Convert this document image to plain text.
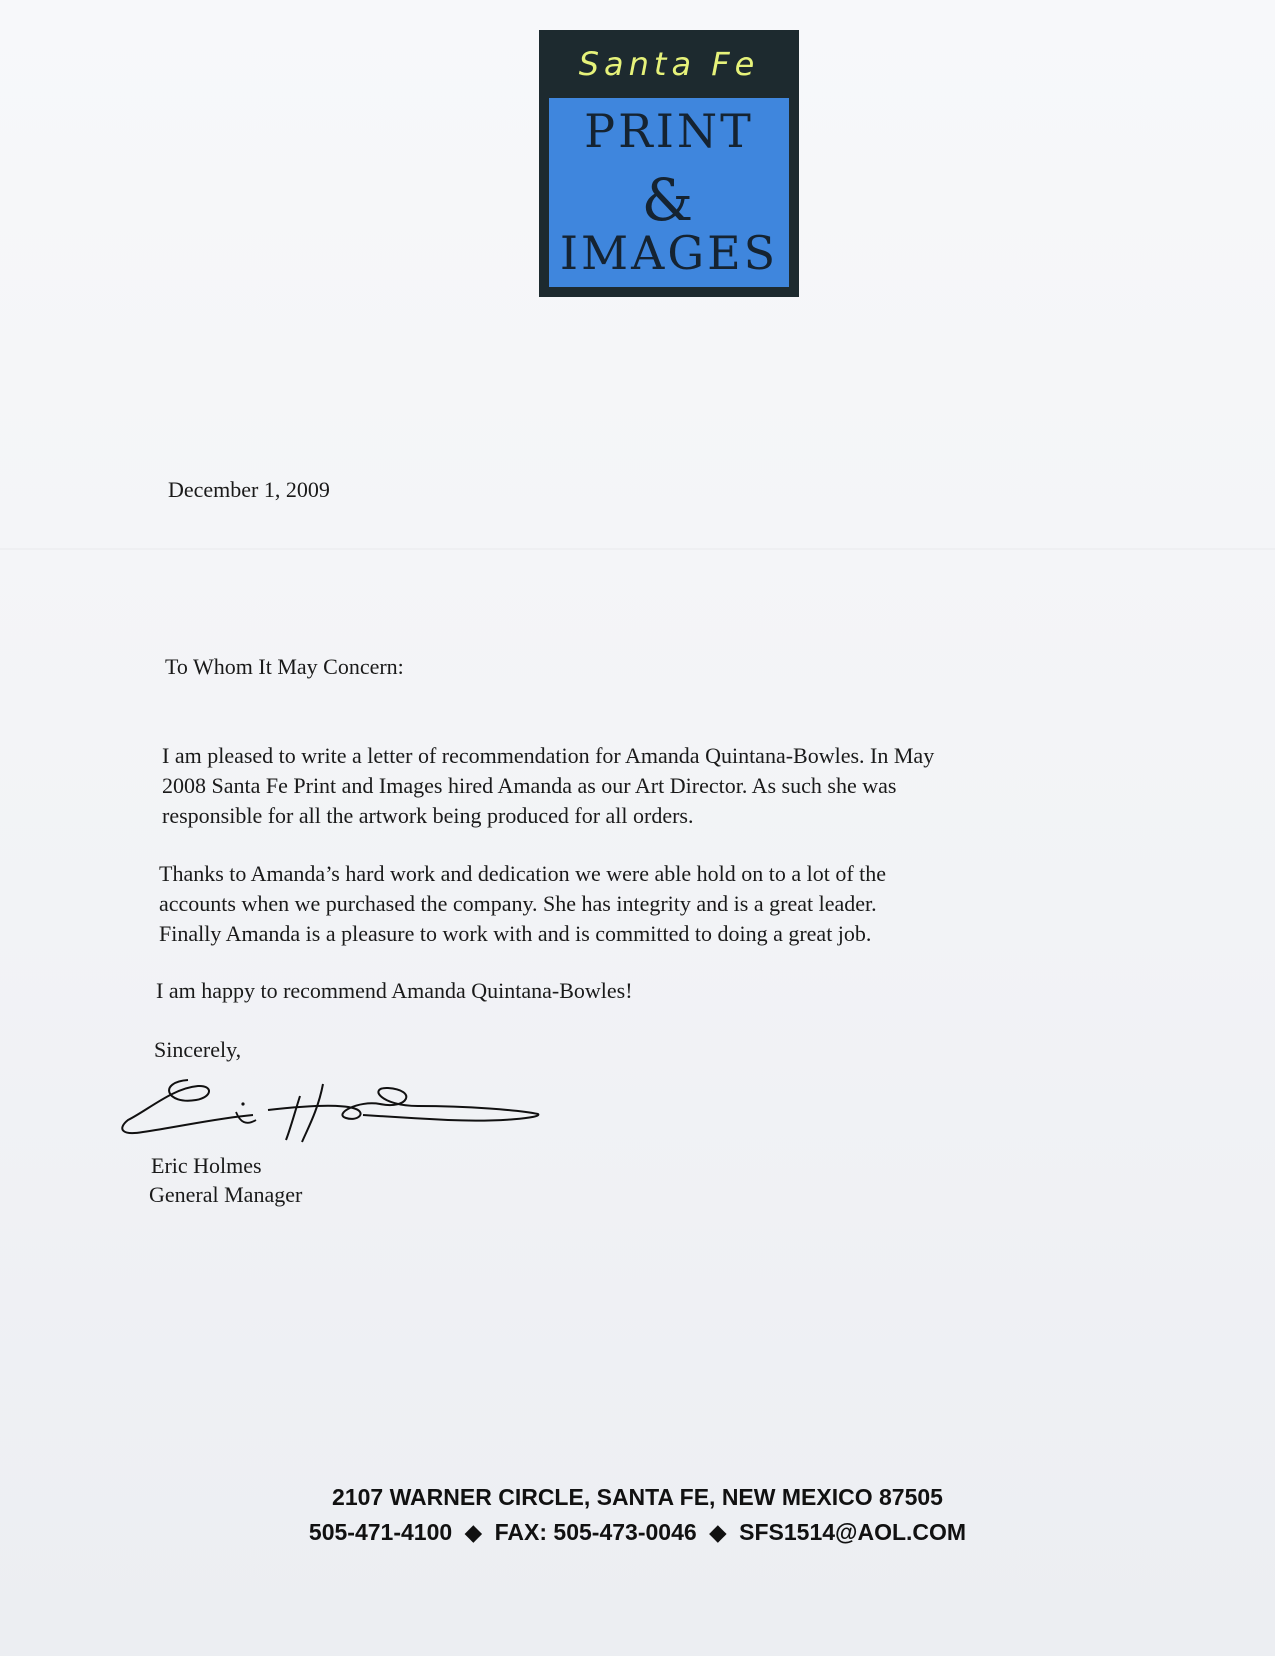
Santa Fe
PRINT
&
IMAGES
December 1, 2009
To Whom It May Concern:
I am pleased to write a letter of recommendation for Amanda Quintana-Bowles. In May
2008 Santa Fe Print and Images hired Amanda as our Art Director. As such she was
responsible for all the artwork being produced for all orders.
Thanks to Amanda’s hard work and dedication we were able hold on to a lot of the
accounts when we purchased the company. She has integrity and is a great leader.
Finally Amanda is a pleasure to work with and is committed to doing a great job.
I am happy to recommend Amanda Quintana-Bowles!
Sincerely,
Eric Holmes
General Manager
2107 WARNER CIRCLE, SANTA FE, NEW MEXICO 87505
505-471-4100 ◆ FAX: 505-473-0046 ◆ SFS1514@AOL.COM
